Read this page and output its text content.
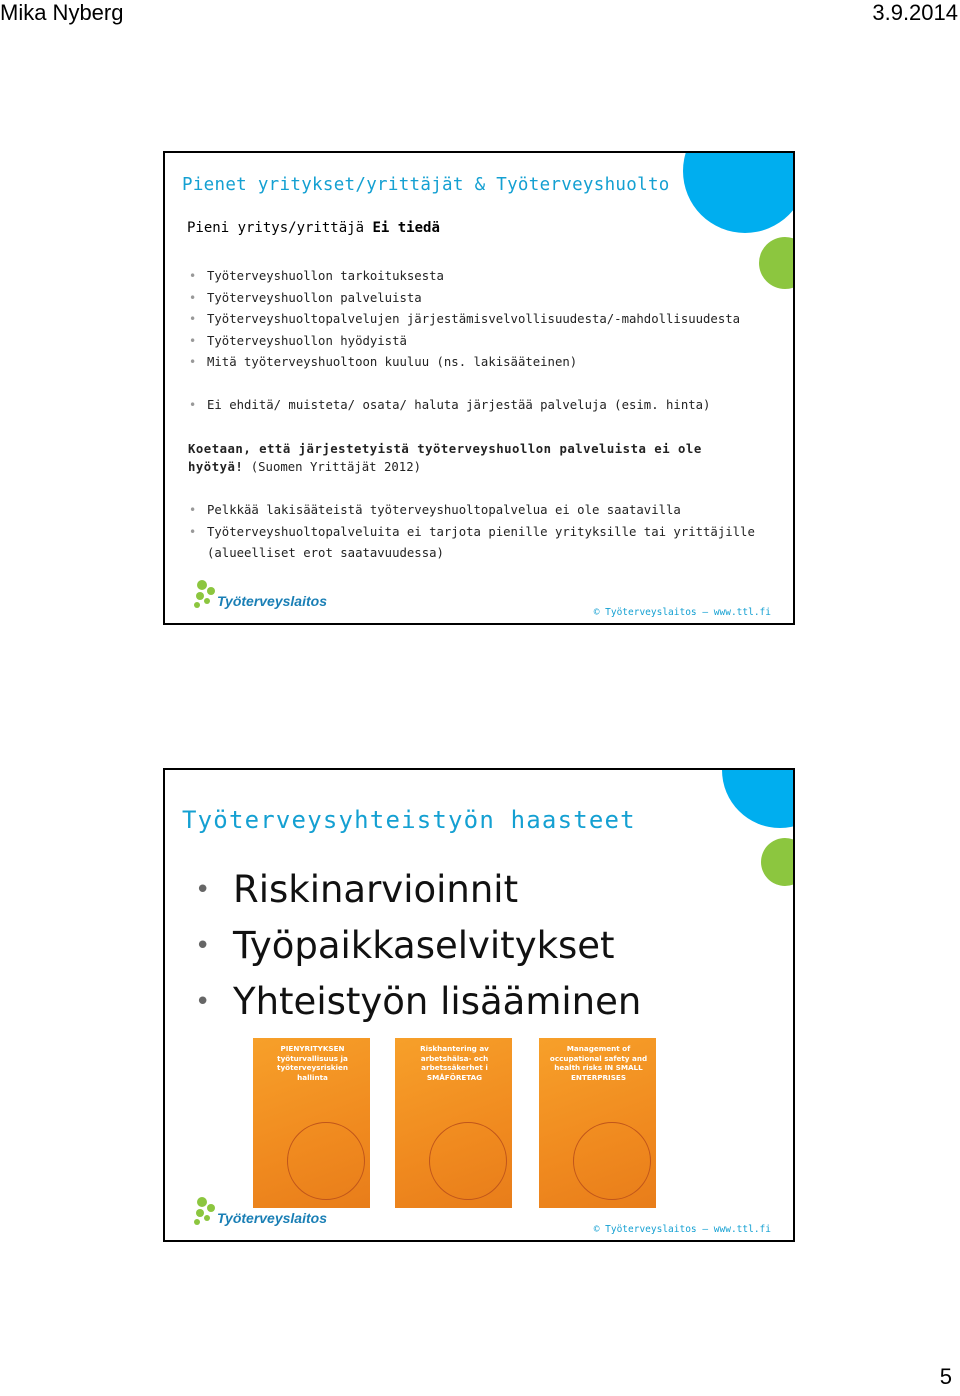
Mika Nyberg	3.9.2014
Pienet yritykset/yrittäjät & Työterveyshuolto
Pieni yritys/yrittäjä Ei tiedä
• Työterveyshuollon tarkoituksesta
• Työterveyshuollon palveluista
• Työterveyshuoltopalvelujen järjestämisvelvollisuudesta/-mahdollisuudesta
• Työterveyshuollon hyödyistä
• Mitä työterveyshuoltoon kuuluu (ns. lakisääteinen)
• Ei ehditä/ muisteta/ osata/ haluta järjestää palveluja (esim. hinta)
Koetaan, että järjestetyistä työterveyshuollon palveluista ei ole hyötyä! (Suomen Yrittäjät 2012)
• Pelkkää lakisääteistä työterveyshuoltopalvelua ei ole saatavilla
• Työterveyshuoltopalveluita ei tarjota pienille yrityksille tai yrittäjille (alueelliset erot saatavuudessa)
Työterveyslaitos
© Työterveyslaitos – www.ttl.fi
Työterveysyhteistyön haasteet
• Riskinarvioinnit
• Työpaikkaselvitykset
• Yhteistyön lisääminen
PIENYRITYKSEN työturvallisuus ja työterveysriskien hallinta
Riskhantering av arbetshälsa- och arbetssäkerhet i SMÅFÖRETAG
Management of occupational safety and health risks IN SMALL ENTERPRISES
Työterveyslaitos
© Työterveyslaitos – www.ttl.fi
5
